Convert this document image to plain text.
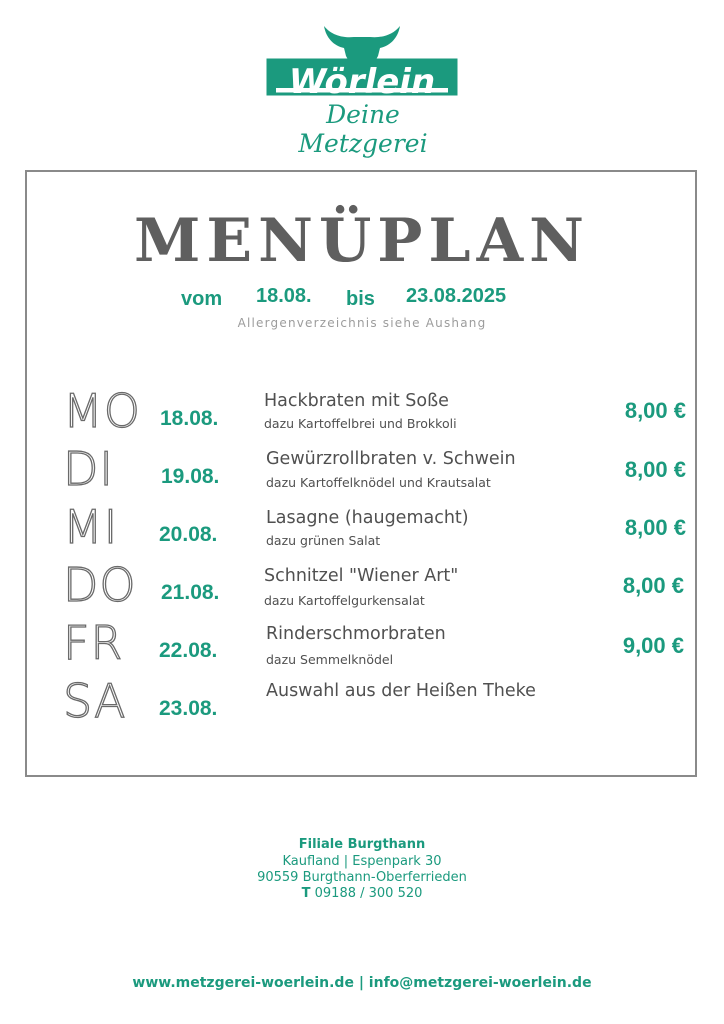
Wörlein
Deine Metzgerei
MENÜPLAN
vom 18.08. bis 23.08.2025
Allergenverzeichnis siehe Aushang
MO 18.08.
Hackbraten mit Soße
dazu Kartoffelbrei und Brokkoli
8,00 €
DI 19.08.
Gewürzrollbraten v. Schwein
dazu Kartoffelknödel und Krautsalat
8,00 €
MI 20.08.
Lasagne (haugemacht)
dazu grünen Salat
8,00 €
DO 21.08.
Schnitzel "Wiener Art"
dazu Kartoffelgurkensalat
8,00 €
FR 22.08.
Rinderschmorbraten
dazu Semmelknödel
9,00 €
SA 23.08.
Auswahl aus der Heißen Theke
Filiale Burgthann
Kaufland | Espenpark 30
90559 Burgthann-Oberferrieden
T 09188 / 300 520
www.metzgerei-woerlein.de | info@metzgerei-woerlein.de
